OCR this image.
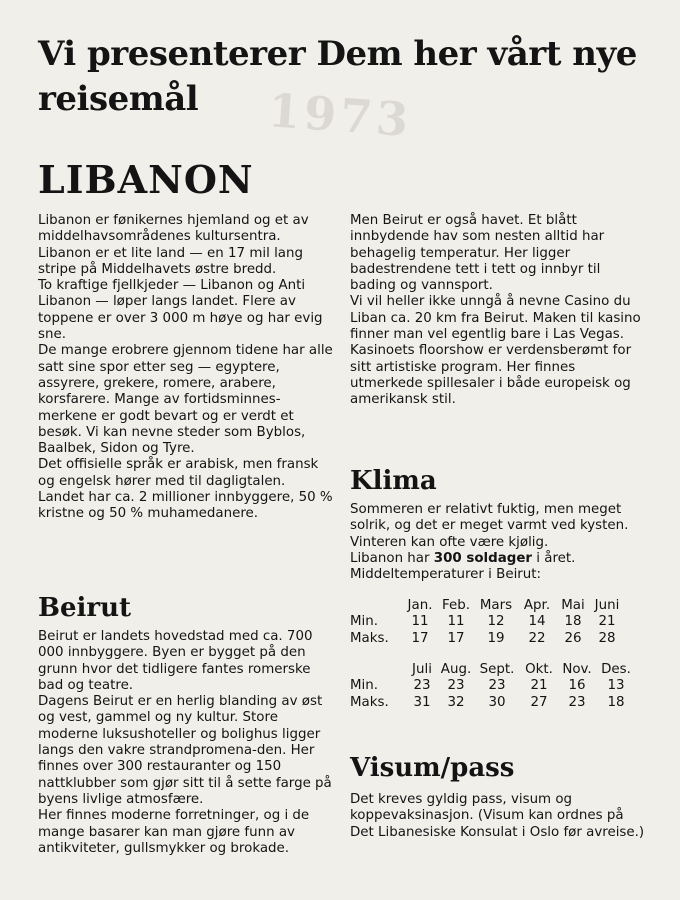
1973
Vi presenterer Dem her vårt nye reisemål
LIBANON

Libanon er fønikernes hjemland og et av middelhavsområdenes kultursentra.
Libanon er et lite land — en 17 mil lang stripe på Middelhavets østre bredd.
To kraftige fjellkjeder — Libanon og Anti Libanon — løper langs landet. Flere av toppene er over 3 000 m høye og har evig sne.
De mange erobrere gjennom tidene har alle satt sine spor etter seg — egyptere, assyrere, grekere, romere, arabere, korsfarere. Mange av fortidsminnes-merkene er godt bevart og er verdt et besøk. Vi kan nevne steder som Byblos, Baalbek, Sidon og Tyre.
Det offisielle språk er arabisk, men fransk og engelsk hører med til dagligtalen.
Landet har ca. 2 millioner innbyggere, 50 % kristne og 50 % muhamedanere.

Beirut

Beirut er landets hovedstad med ca. 700 000 innbyggere. Byen er bygget på den grunn hvor det tidligere fantes romerske bad og teatre.
Dagens Beirut er en herlig blanding av øst og vest, gammel og ny kultur. Store moderne luksushoteller og bolighus ligger langs den vakre strandpromena-den. Her finnes over 300 restauranter og 150 nattklubber som gjør sitt til å sette farge på byens livlige atmosfære.
Her finnes moderne forretninger, og i de mange basarer kan man gjøre funn av antikviteter, gullsmykker og brokade.

Men Beirut er også havet. Et blått innbydende hav som nesten alltid har behagelig temperatur. Her ligger badestrendene tett i tett og innbyr til bading og vannsport.
Vi vil heller ikke unngå å nevne Casino du Liban ca. 20 km fra Beirut. Maken til kasino finner man vel egentlig bare i Las Vegas. Kasinoets floorshow er verdensberømt for sitt artistiske program. Her finnes utmerkede spillesaler i både europeisk og amerikansk stil.

Klima

Sommeren er relativt fuktig, men meget solrik, og det er meget varmt ved kysten. Vinteren kan ofte være kjølig.
Libanon har 300 soldager i året.
Middeltemperaturer i Beirut:

	Jan.	Feb.	Mars	Apr.	Mai	Juni
Min.	11	11	12	14	18	21
Maks.	17	17	19	22	26	28
	Juli	Aug.	Sept.	Okt.	Nov.	Des.
Min.	23	23	23	21	16	13
Maks.	31	32	30	27	23	18
Visum/pass

Det kreves gyldig pass, visum og koppevaksinasjon. (Visum kan ordnes på Det Libanesiske Konsulat i Oslo før avreise.)
